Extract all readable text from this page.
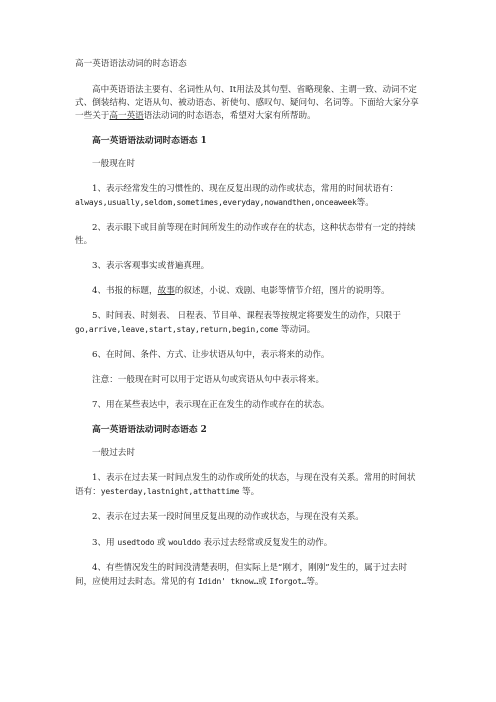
高一英语语法动词的时态语态

高中英语语法主要有、名词性从句、It用法及其句型、省略现象、主谓一致、动词不定式、倒装结构、定语从句、被动语态、祈使句、感叹句、疑问句、名词等。下面给大家分享一些关于高一英语语法动词的时态语态，希望对大家有所帮助。

高一英语语法动词时态语态 1

一般现在时

1、表示经常发生的习惯性的、现在反复出现的动作或状态，常用的时间状语有：always,usually,seldom,sometimes,everyday,nowandthen,onceaweek等。

2、表示眼下或目前等现在时间所发生的动作或存在的状态，这种状态带有一定的持续性。

3、表示客观事实或普遍真理。

4、书报的标题，故事的叙述，小说、戏剧、电影等情节介绍，图片的说明等。

5、时间表、时刻表、 日程表、节目单、课程表等按规定将要发生的动作，只限于 go,arrive,leave,start,stay,return,begin,come 等动词。

6、在时间、条件、方式、让步状语从句中，表示将来的动作。

注意：一般现在时可以用于定语从句或宾语从句中表示将来。

7、用在某些表达中，表示现在正在发生的动作或存在的状态。

高一英语语法动词时态语态 2

一般过去时

1、表示在过去某一时间点发生的动作或所处的状态，与现在没有关系。常用的时间状语有：yesterday,lastnight,atthattime 等。

2、表示在过去某一段时间里反复出现的动作或状态，与现在没有关系。

3、用 usedtodo 或 woulddo 表示过去经常或反复发生的动作。

4、有些情况发生的时间没清楚表明，但实际上是“刚才，刚刚”发生的，属于过去时间，应使用过去时态。常见的有 Ididn' tknow…或 Iforgot…等。
